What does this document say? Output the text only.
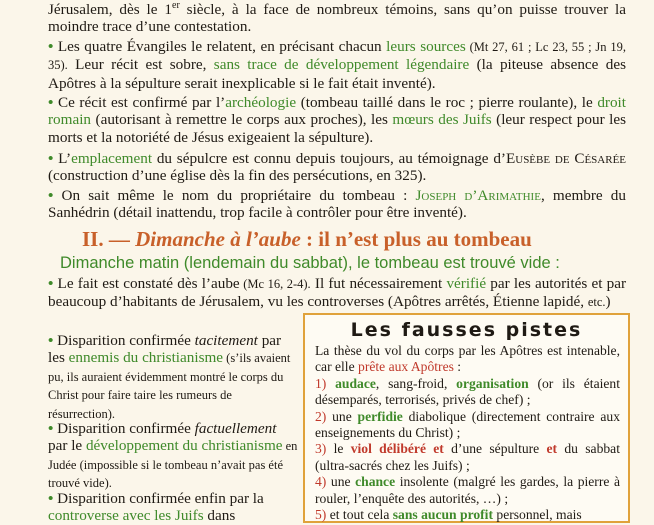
Jérusalem, dès le 1er siècle, à la face de nombreux témoins, sans qu’on puisse trouver la moindre trace d’une contestation.
• Les quatre Évangiles le relatent, en précisant chacun leurs sources (Mt 27, 61 ; Lc 23, 55 ; Jn 19, 35). Leur récit est sobre, sans trace de développement légendaire (la piteuse absence des Apôtres à la sépulture serait inexplicable si le fait était inventé).
• Ce récit est confirmé par l’archéologie (tombeau taillé dans le roc ; pierre roulante), le droit romain (autorisant à remettre le corps aux proches), les mœurs des Juifs (leur respect pour les morts et la notoriété de Jésus exigeaient la sépulture).
• L’emplacement du sépulcre est connu depuis toujours, au témoignage d’Eusèbe de Césarée (construction d’une église dès la fin des persécutions, en 325).
• On sait même le nom du propriétaire du tombeau : Joseph d’Arimathie, membre du Sanhédrin (détail inattendu, trop facile à contrôler pour être inventé).
II. — Dimanche à l’aube : il n’est plus au tombeau
Dimanche matin (lendemain du sabbat), le tombeau est trouvé vide :
• Le fait est constaté dès l’aube (Mc 16, 2-4). Il fut nécessairement vérifié par les autorités et par beaucoup d’habitants de Jérusalem, vu les controverses (Apôtres arrêtés, Étienne lapidé, etc.)
• Disparition confirmée tacitement par les ennemis du christianisme (s’ils avaient pu, ils auraient évidemment montré le corps du Christ pour faire taire les rumeurs de résurrection).
• Disparition confirmée factuellement par le développement du christianisme en Judée (impossible si le tombeau n’avait pas été trouvé vide).
• Disparition confirmée enfin par la controverse avec les Juifs dans
Les fausses pistes
La thèse du vol du corps par les Apôtres est intenable, car elle prête aux Apôtres :
1) audace, sang-froid, organisation (or ils étaient désemparés, terrorisés, privés de chef) ;
2) une perfidie diabolique (directement contraire aux enseignements du Christ) ;
3) le viol délibéré et d’une sépulture et du sabbat (ultra-sacrés chez les Juifs) ;
4) une chance insolente (malgré les gardes, la pierre à rouler, l’enquête des autorités, …) ;
5) et tout cela sans aucun profit personnel, mais
